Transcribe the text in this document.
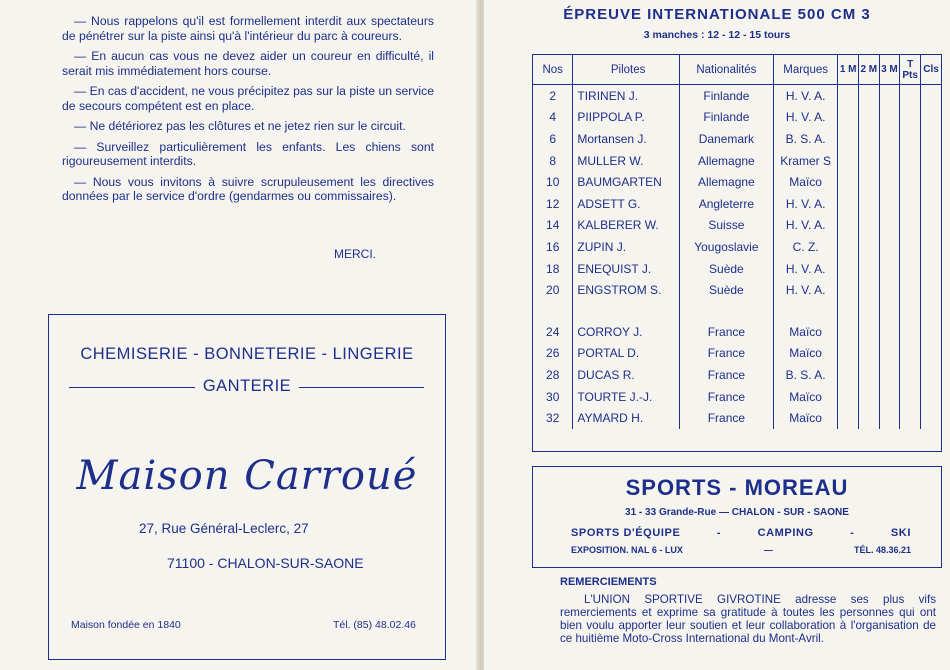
— Nous rappelons qu'il est formellement interdit aux spectateurs de pénétrer sur la piste ainsi qu'à l'intérieur du parc à coureurs.

— En aucun cas vous ne devez aider un coureur en difficulté, il serait mis immédiatement hors course.

— En cas d'accident, ne vous précipitez pas sur la piste un service de secours compétent est en place.

— Ne détériorez pas les clôtures et ne jetez rien sur le circuit.

— Surveillez particulièrement les enfants. Les chiens sont rigoureusement interdits.

— Nous vous invitons à suivre scrupuleusement les directives données par le service d'ordre (gendarmes ou commissaires).

MERCI.
CHEMISERIE - BONNETERIE - LINGERIE
GANTERIE
Maison Carroué
27, Rue Général-Leclerc, 27
71100 - CHALON-SUR-SAONE
Maison fondée en 1840	Tél. (85) 48.02.46
ÉPREUVE INTERNATIONALE 500 CM 3
3 manches : 12 - 12 - 15 tours
Nos	Pilotes	Nationalités	Marques	1 M	2 M	3 M	T Pts	Cls
2	TIRINEN J.	Finlande	H. V. A.					
4	PIIPPOLA P.	Finlande	H. V. A.					
6	Mortansen J.	Danemark	B. S. A.					
8	MULLER W.	Allemagne	Kramer S					
10	BAUMGARTEN	Allemagne	Maïco					
12	ADSETT G.	Angleterre	H. V. A.					
14	KALBERER W.	Suisse	H. V. A.					
16	ZUPIN J.	Yougoslavie	C. Z.					
18	ENEQUIST J.	Suède	H. V. A.					
20	ENGSTROM S.	Suède	H. V. A.					

24	CORROY J.	France	Maïco					
26	PORTAL D.	France	Maïco					
28	DUCAS R.	France	B. S. A.					
30	TOURTE J.-J.	France	Maïco					
32	AYMARD H.	France	Maïco					
SPORTS - MOREAU
31 - 33 Grande-Rue — CHALON - SUR - SAONE
SPORTS D'ÉQUIPE	-	CAMPING	-	SKI
EXPOSITION. NAL 6 - LUX	—	TÉL. 48.36.21
REMERCIEMENTS
L'UNION SPORTIVE GIVROTINE adresse ses plus vifs remerciements et exprime sa gratitude à toutes les personnes qui ont bien voulu apporter leur soutien et leur collaboration à l'organisation de ce huitième Moto-Cross International du Mont-Avril.
